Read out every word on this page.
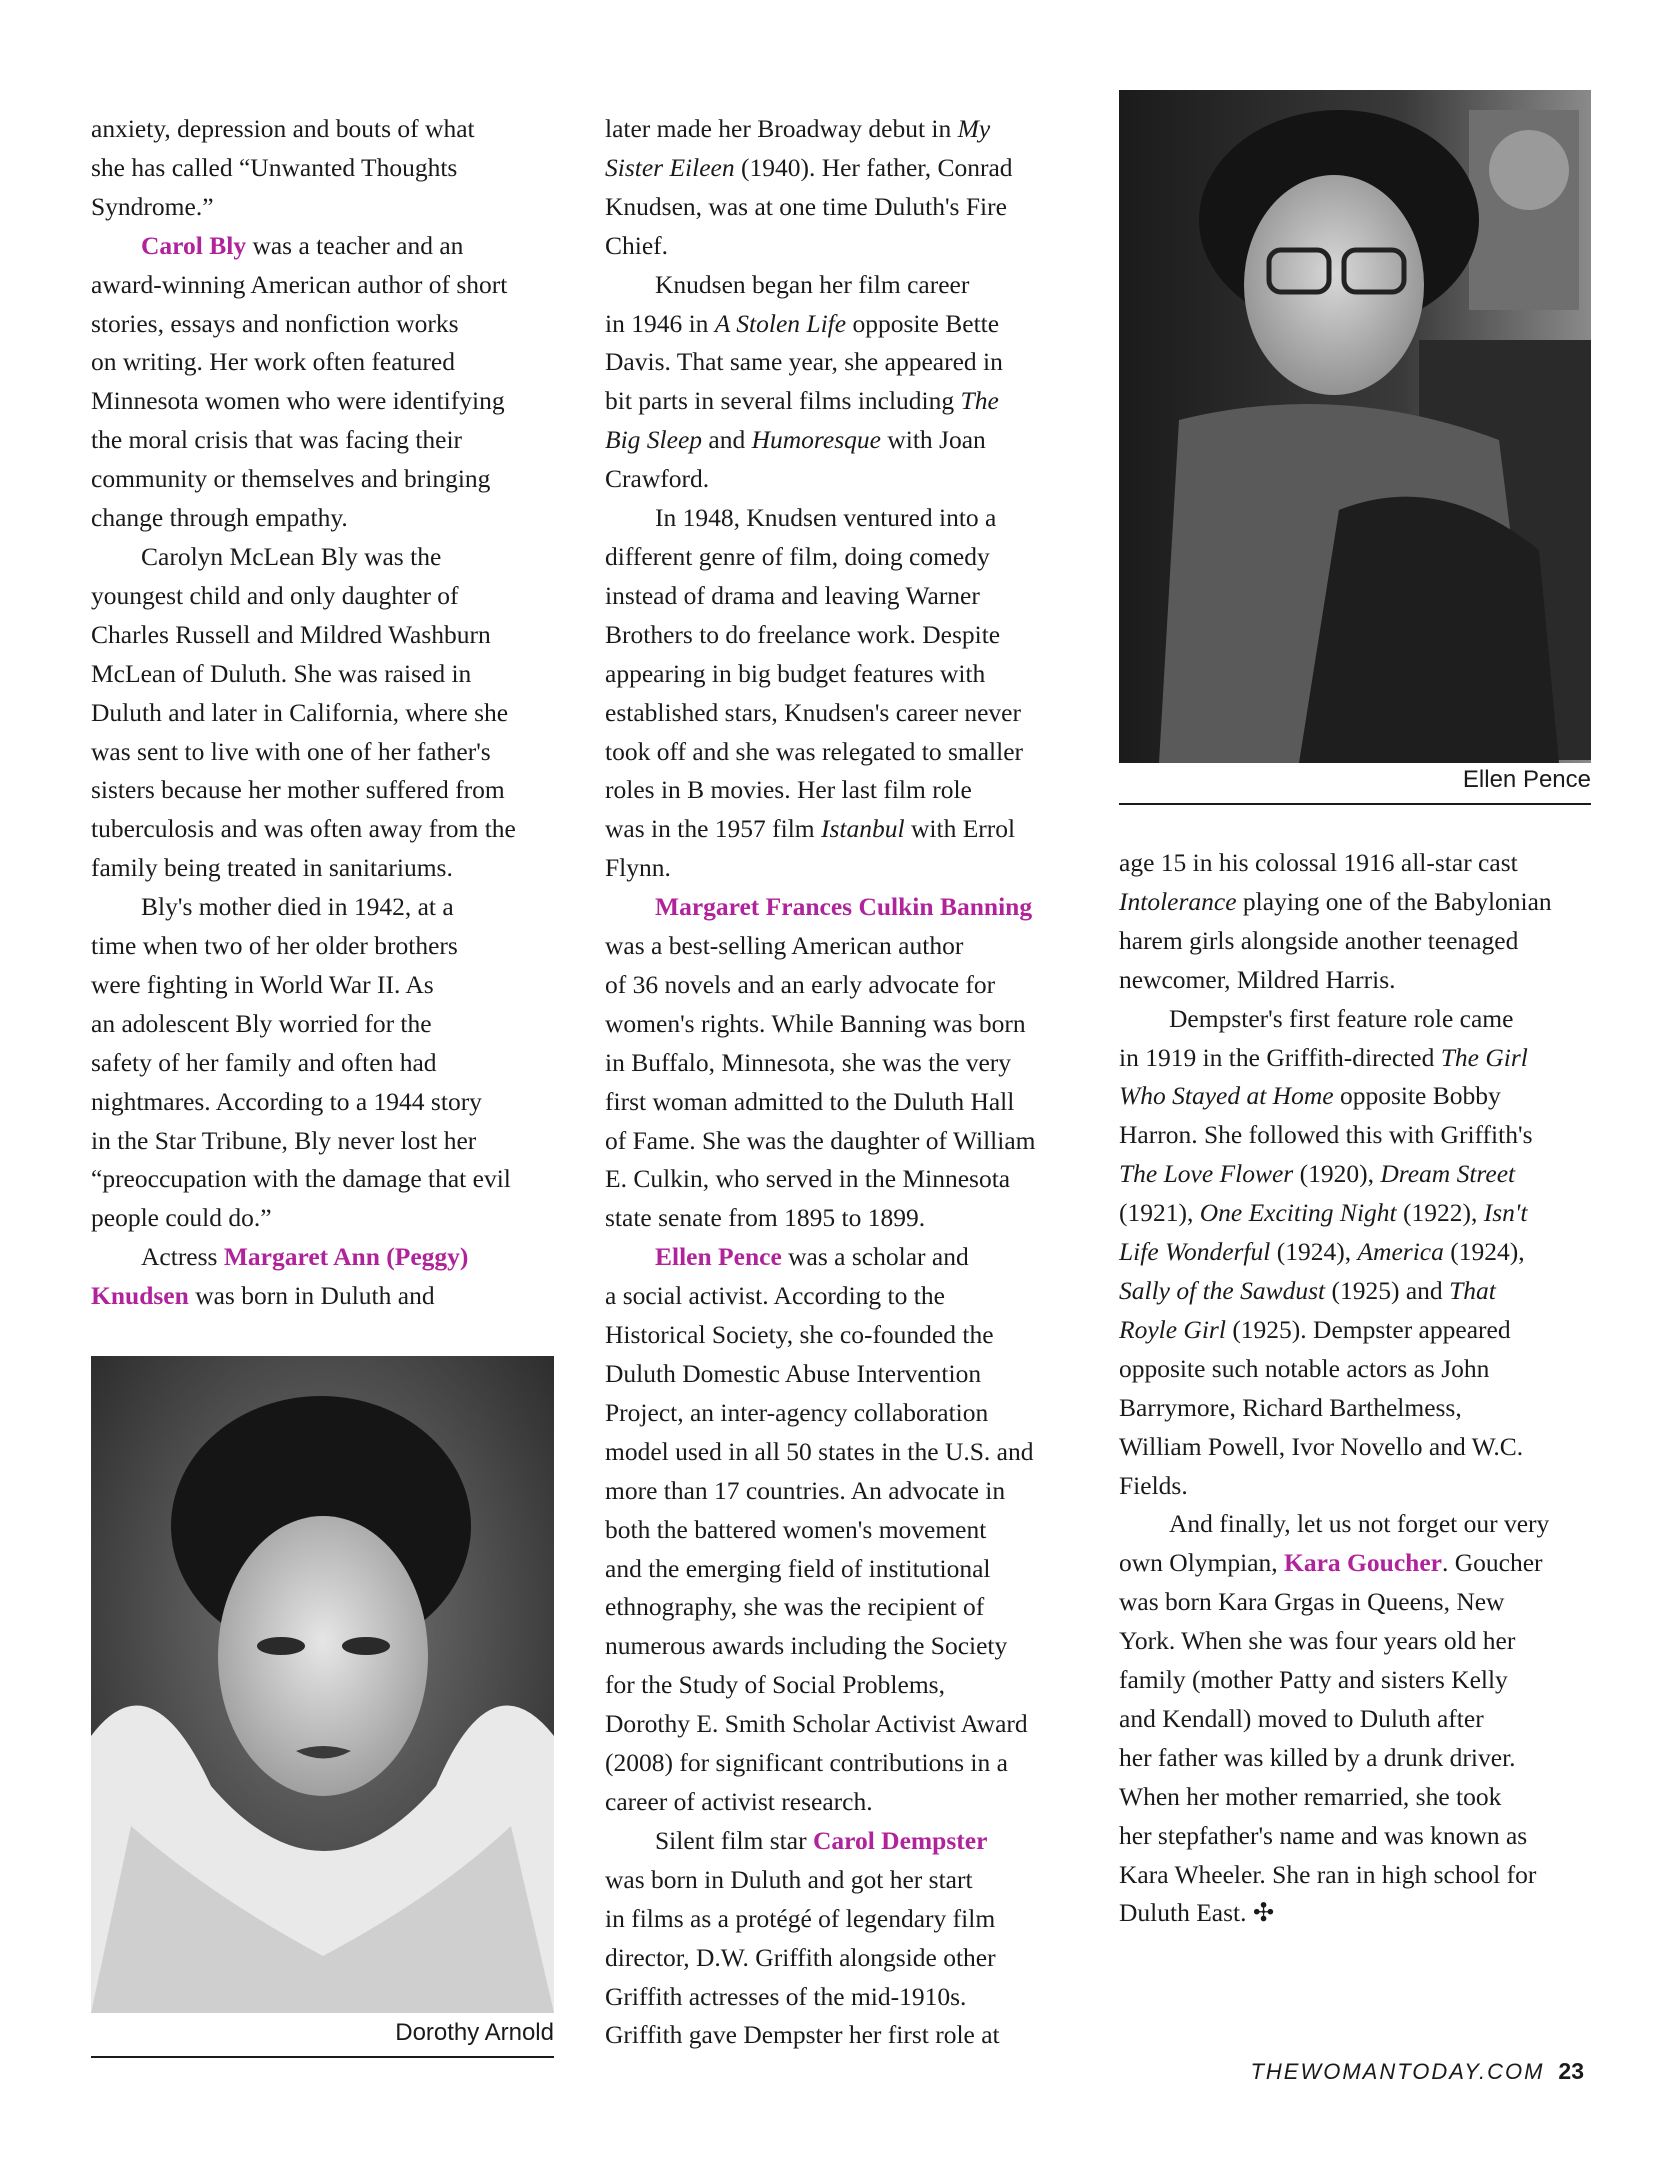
anxiety, depression and bouts of what

she has called “Unwanted Thoughts

Syndrome.”

Carol Bly was a teacher and an

award-winning American author of short

stories, essays and nonfiction works

on writing. Her work often featured

Minnesota women who were identifying

the moral crisis that was facing their

community or themselves and bringing

change through empathy.

Carolyn McLean Bly was the

youngest child and only daughter of

Charles Russell and Mildred Washburn

McLean of Duluth. She was raised in

Duluth and later in California, where she

was sent to live with one of her father's

sisters because her mother suffered from

tuberculosis and was often away from the

family being treated in sanitariums.

Bly's mother died in 1942, at a

time when two of her older brothers

were fighting in World War II. As

an adolescent Bly worried for the

safety of her family and often had

nightmares. According to a 1944 story

in the Star Tribune, Bly never lost her

“preoccupation with the damage that evil

people could do.”

Actress Margaret Ann (Peggy)

Knudsen was born in Duluth and

later made her Broadway debut in My

Sister Eileen (1940). Her father, Conrad

Knudsen, was at one time Duluth's Fire

Chief.

Knudsen began her film career

in 1946 in A Stolen Life opposite Bette

Davis. That same year, she appeared in

bit parts in several films including The

Big Sleep and Humoresque with Joan

Crawford.

In 1948, Knudsen ventured into a

different genre of film, doing comedy

instead of drama and leaving Warner

Brothers to do freelance work. Despite

appearing in big budget features with

established stars, Knudsen's career never

took off and she was relegated to smaller

roles in B movies. Her last film role

was in the 1957 film Istanbul with Errol

Flynn.

Margaret Frances Culkin Banning

was a best-selling American author

of 36 novels and an early advocate for

women's rights. While Banning was born

in Buffalo, Minnesota, she was the very

first woman admitted to the Duluth Hall

of Fame. She was the daughter of William

E. Culkin, who served in the Minnesota

state senate from 1895 to 1899.

Ellen Pence was a scholar and

a social activist. According to the

Historical Society, she co-founded the

Duluth Domestic Abuse Intervention

Project, an inter-agency collaboration

model used in all 50 states in the U.S. and

more than 17 countries. An advocate in

both the battered women's movement

and the emerging field of institutional

ethnography, she was the recipient of

numerous awards including the Society

for the Study of Social Problems,

Dorothy E. Smith Scholar Activist Award

(2008) for significant contributions in a

career of activist research.

Silent film star Carol Dempster

was born in Duluth and got her start

in films as a protégé of legendary film

director, D.W. Griffith alongside other

Griffith actresses of the mid-1910s.

Griffith gave Dempster her first role at

age 15 in his colossal 1916 all-star cast

Intolerance playing one of the Babylonian

harem girls alongside another teenaged

newcomer, Mildred Harris.

Dempster's first feature role came

in 1919 in the Griffith-directed The Girl

Who Stayed at Home opposite Bobby

Harron. She followed this with Griffith's

The Love Flower (1920), Dream Street

(1921), One Exciting Night (1922), Isn't

Life Wonderful (1924), America (1924),

Sally of the Sawdust (1925) and That

Royle Girl (1925). Dempster appeared

opposite such notable actors as John

Barrymore, Richard Barthelmess,

William Powell, Ivor Novello and W.C.

Fields.

And finally, let us not forget our very

own Olympian, Kara Goucher. Goucher

was born Kara Grgas in Queens, New

York. When she was four years old her

family (mother Patty and sisters Kelly

and Kendall) moved to Duluth after

her father was killed by a drunk driver.

When her mother remarried, she took

her stepfather's name and was known as

Kara Wheeler. She ran in high school for

Duluth East. ✣

Ellen Pence
Dorothy Arnold
THEWOMANTODAY.COM 23
